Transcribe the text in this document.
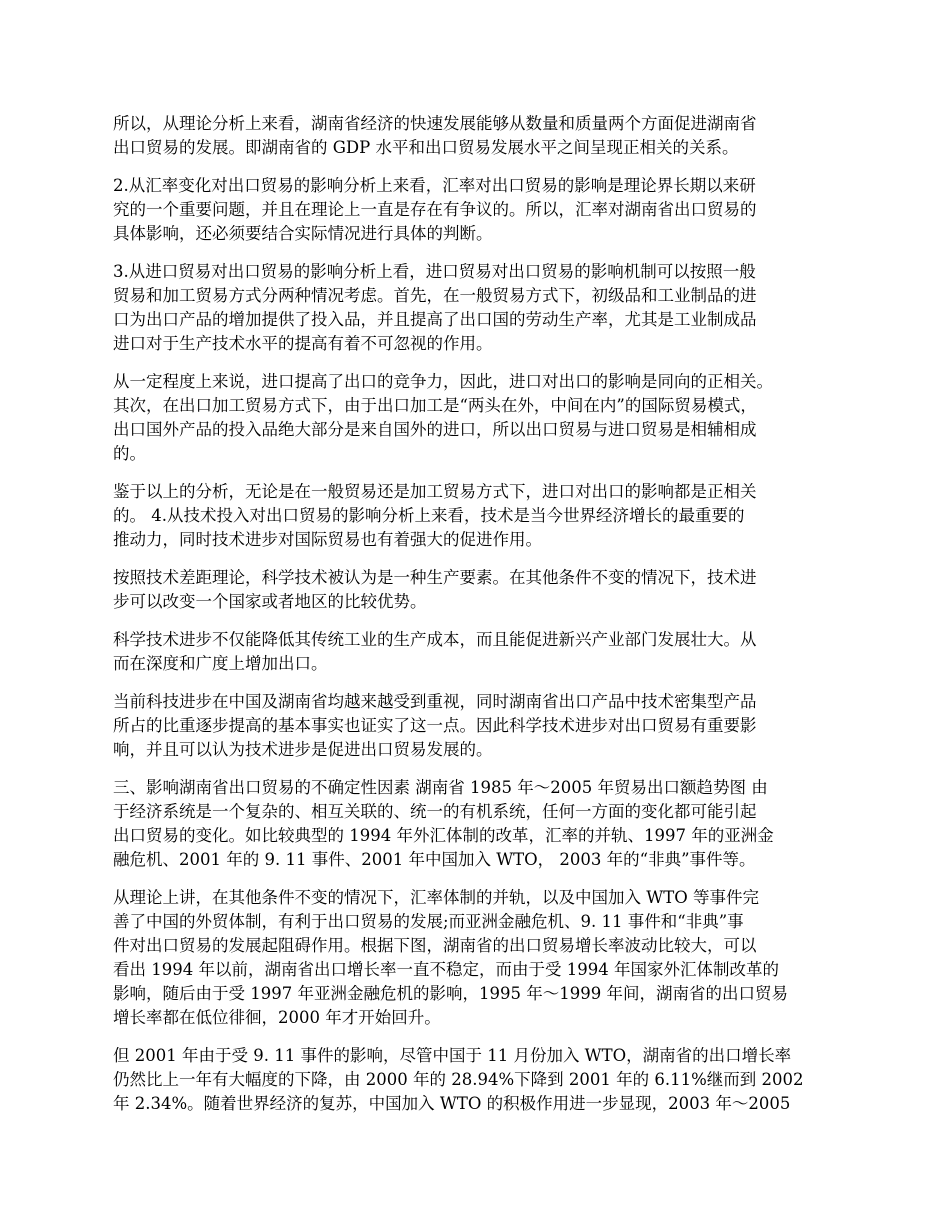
所以，从理论分析上来看，湖南省经济的快速发展能够从数量和质量两个方面促进湖南省
出口贸易的发展。即湖南省的 GDP 水平和出口贸易发展水平之间呈现正相关的关系。

2.从汇率变化对出口贸易的影响分析上来看，汇率对出口贸易的影响是理论界长期以来研
究的一个重要问题，并且在理论上一直是存在有争议的。所以，汇率对湖南省出口贸易的
具体影响，还必须要结合实际情况进行具体的判断。

3.从进口贸易对出口贸易的影响分析上看，进口贸易对出口贸易的影响机制可以按照一般
贸易和加工贸易方式分两种情况考虑。首先，在一般贸易方式下，初级品和工业制品的进
口为出口产品的增加提供了投入品，并且提高了出口国的劳动生产率，尤其是工业制成品
进口对于生产技术水平的提高有着不可忽视的作用。

从一定程度上来说，进口提高了出口的竞争力，因此，进口对出口的影响是同向的正相关。
其次，在出口加工贸易方式下，由于出口加工是“两头在外，中间在内”的国际贸易模式，
出口国外产品的投入品绝大部分是来自国外的进口，所以出口贸易与进口贸易是相辅相成
的。

鉴于以上的分析，无论是在一般贸易还是加工贸易方式下，进口对出口的影响都是正相关
的。 4.从技术投入对出口贸易的影响分析上来看，技术是当今世界经济增长的最重要的
推动力，同时技术进步对国际贸易也有着强大的促进作用。

按照技术差距理论，科学技术被认为是一种生产要素。在其他条件不变的情况下，技术进
步可以改变一个国家或者地区的比较优势。

科学技术进步不仅能降低其传统工业的生产成本，而且能促进新兴产业部门发展壮大。从
而在深度和广度上增加出口。

当前科技进步在中国及湖南省均越来越受到重视，同时湖南省出口产品中技术密集型产品
所占的比重逐步提高的基本事实也证实了这一点。因此科学技术进步对出口贸易有重要影
响，并且可以认为技术进步是促进出口贸易发展的。

三、影响湖南省出口贸易的不确定性因素 湖南省 1985 年～2005 年贸易出口额趋势图 由
于经济系统是一个复杂的、相互关联的、统一的有机系统，任何一方面的变化都可能引起
出口贸易的变化。如比较典型的 1994 年外汇体制的改革，汇率的并轨、1997 年的亚洲金
融危机、2001 年的 9. 11 事件、2001 年中国加入 WTO， 2003 年的“非典”事件等。

从理论上讲，在其他条件不变的情况下，汇率体制的并轨，以及中国加入 WTO 等事件完
善了中国的外贸体制，有利于出口贸易的发展;而亚洲金融危机、9. 11 事件和“非典”事
件对出口贸易的发展起阻碍作用。根据下图，湖南省的出口贸易增长率波动比较大，可以
看出 1994 年以前，湖南省出口增长率一直不稳定，而由于受 1994 年国家外汇体制改革的
影响，随后由于受 1997 年亚洲金融危机的影响，1995 年～1999 年间，湖南省的出口贸易
增长率都在低位徘徊，2000 年才开始回升。

但 2001 年由于受 9. 11 事件的影响，尽管中国于 11 月份加入 WTO，湖南省的出口增长率
仍然比上一年有大幅度的下降，由 2000 年的 28.94%下降到 2001 年的 6.11%继而到 2002
年 2.34%。随着世界经济的复苏，中国加入 WTO 的积极作用进一步显现，2003 年～2005
